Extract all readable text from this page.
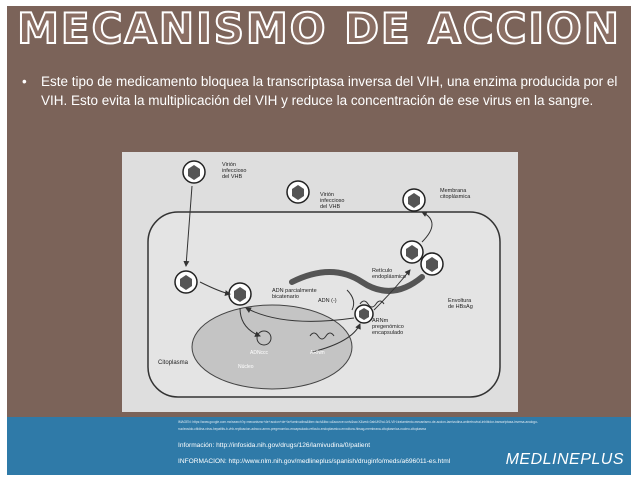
MECANISMO DE ACCION
• Este tipo de medicamento bloquea la transcriptasa inversa del VIH, una enzima producida por el VIH. Esto evita la multiplicación del VIH y reduce la concentración de ese virus en la sangre.
Virión infeccioso del VHB
Virión infeccioso del VHB
Membrana citoplásmica
ADN parcialmente bicatenario
Retículo endoplásmico
ADN (-)
ARNm pregenómico encapsulado
Envoltura de HBsAg
ADNccc	ARNm
Núcleo
Citoplasma
IMAGEN: https://www.google.com.mx/search?q=mecanismo+de+accion+de+la+lamivudina&tbm=isch&tbo=u&source=univ&sa=X&ved=0ahUKEwi-0/4-VIH-tratamiento-mecanismo-de-accion-lamivudina-antiretroviral-inhibidor-transcriptasa-inversa-analogo-nucleosido-citidina-virus-hepatitis-b-vhb-replicacion-adnccc-arnm-pregenomico-encapsulado-reticulo-endoplasmico-envoltura-hbsag-membrana-citoplasmica-nucleo-citoplasma
Información: http://infosida.nih.gov/drugs/126/lamivudina/0/patient
INFORMACION: http://www.nlm.nih.gov/medlineplus/spanish/druginfo/meds/a696011-es.html	MEDLINEPLUS
